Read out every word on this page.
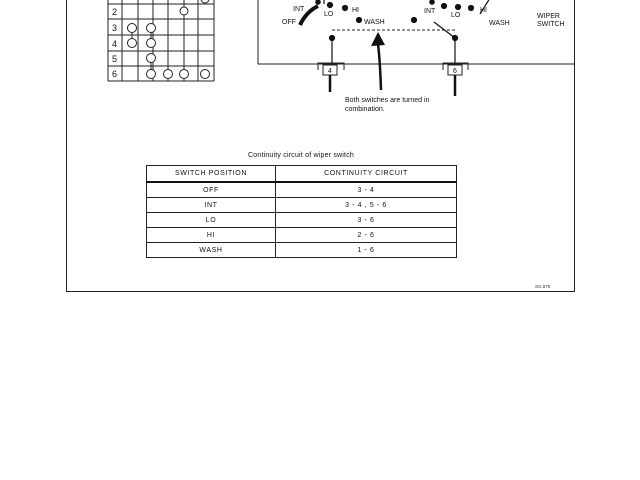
2
3
4
5
6
INT
OFF
LO
HI
WASH
4
INT
LO
HI
WASH
6
WIPER
SWITCH
Both switches are turned in
combination.
Continuity circuit of wiper switch
SWITCH POSITION	CONTINUITY CIRCUIT
OFF	3 - 4
INT	3 - 4 , 5 - 6
LO	3 - 6
HI	2 - 6
WASH	1 - 6
SG.875
